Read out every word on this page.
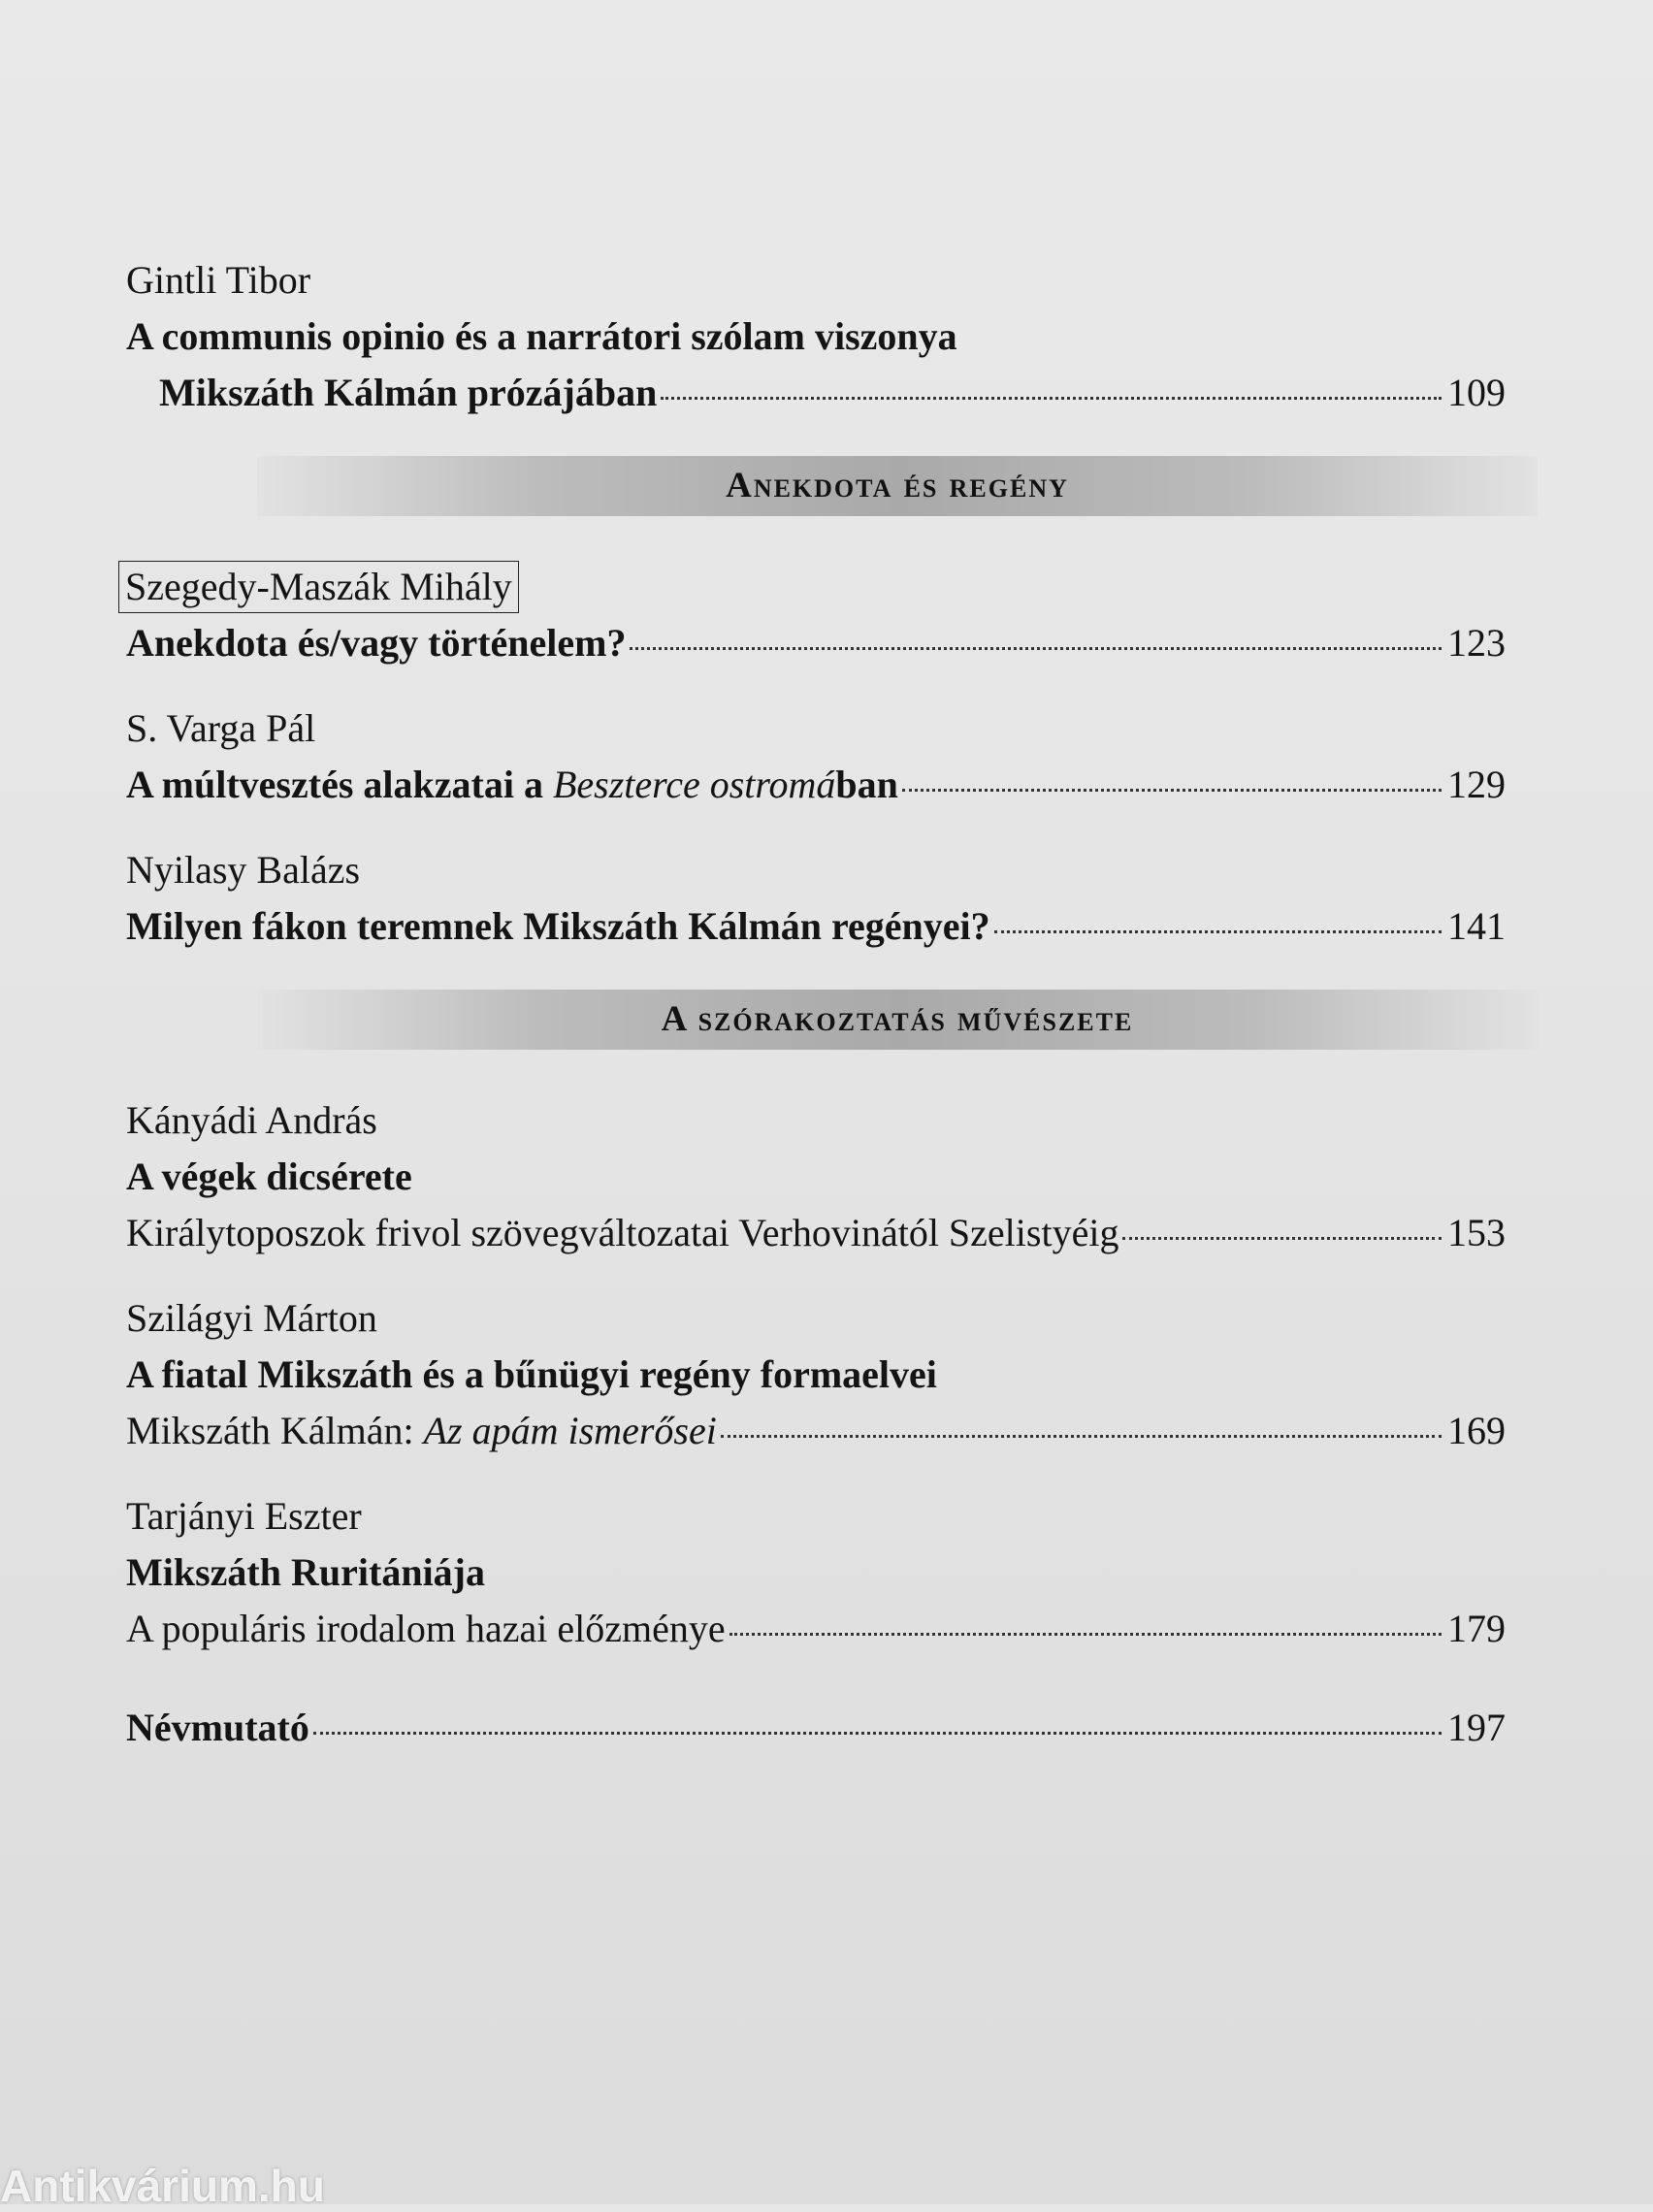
Gintli Tibor
A communis opinio és a narrátori szólam viszonya
Mikszáth Kálmán prózájában	109
Anekdota és regény
Szegedy-Maszák Mihály
Anekdota és/vagy történelem?	123
S. Varga Pál
A múltvesztés alakzatai a Beszterce ostromában	129
Nyilasy Balázs
Milyen fákon teremnek Mikszáth Kálmán regényei?	141
A szórakoztatás művészete
Kányádi András
A végek dicsérete
Királytoposzok frivol szövegváltozatai Verhovinától Szelistyéig	153
Szilágyi Márton
A fiatal Mikszáth és a bűnügyi regény formaelvei
Mikszáth Kálmán: Az apám ismerősei	169
Tarjányi Eszter
Mikszáth Ruritániája
A populáris irodalom hazai előzménye	179
Névmutató	197
Antikvárium.hu
